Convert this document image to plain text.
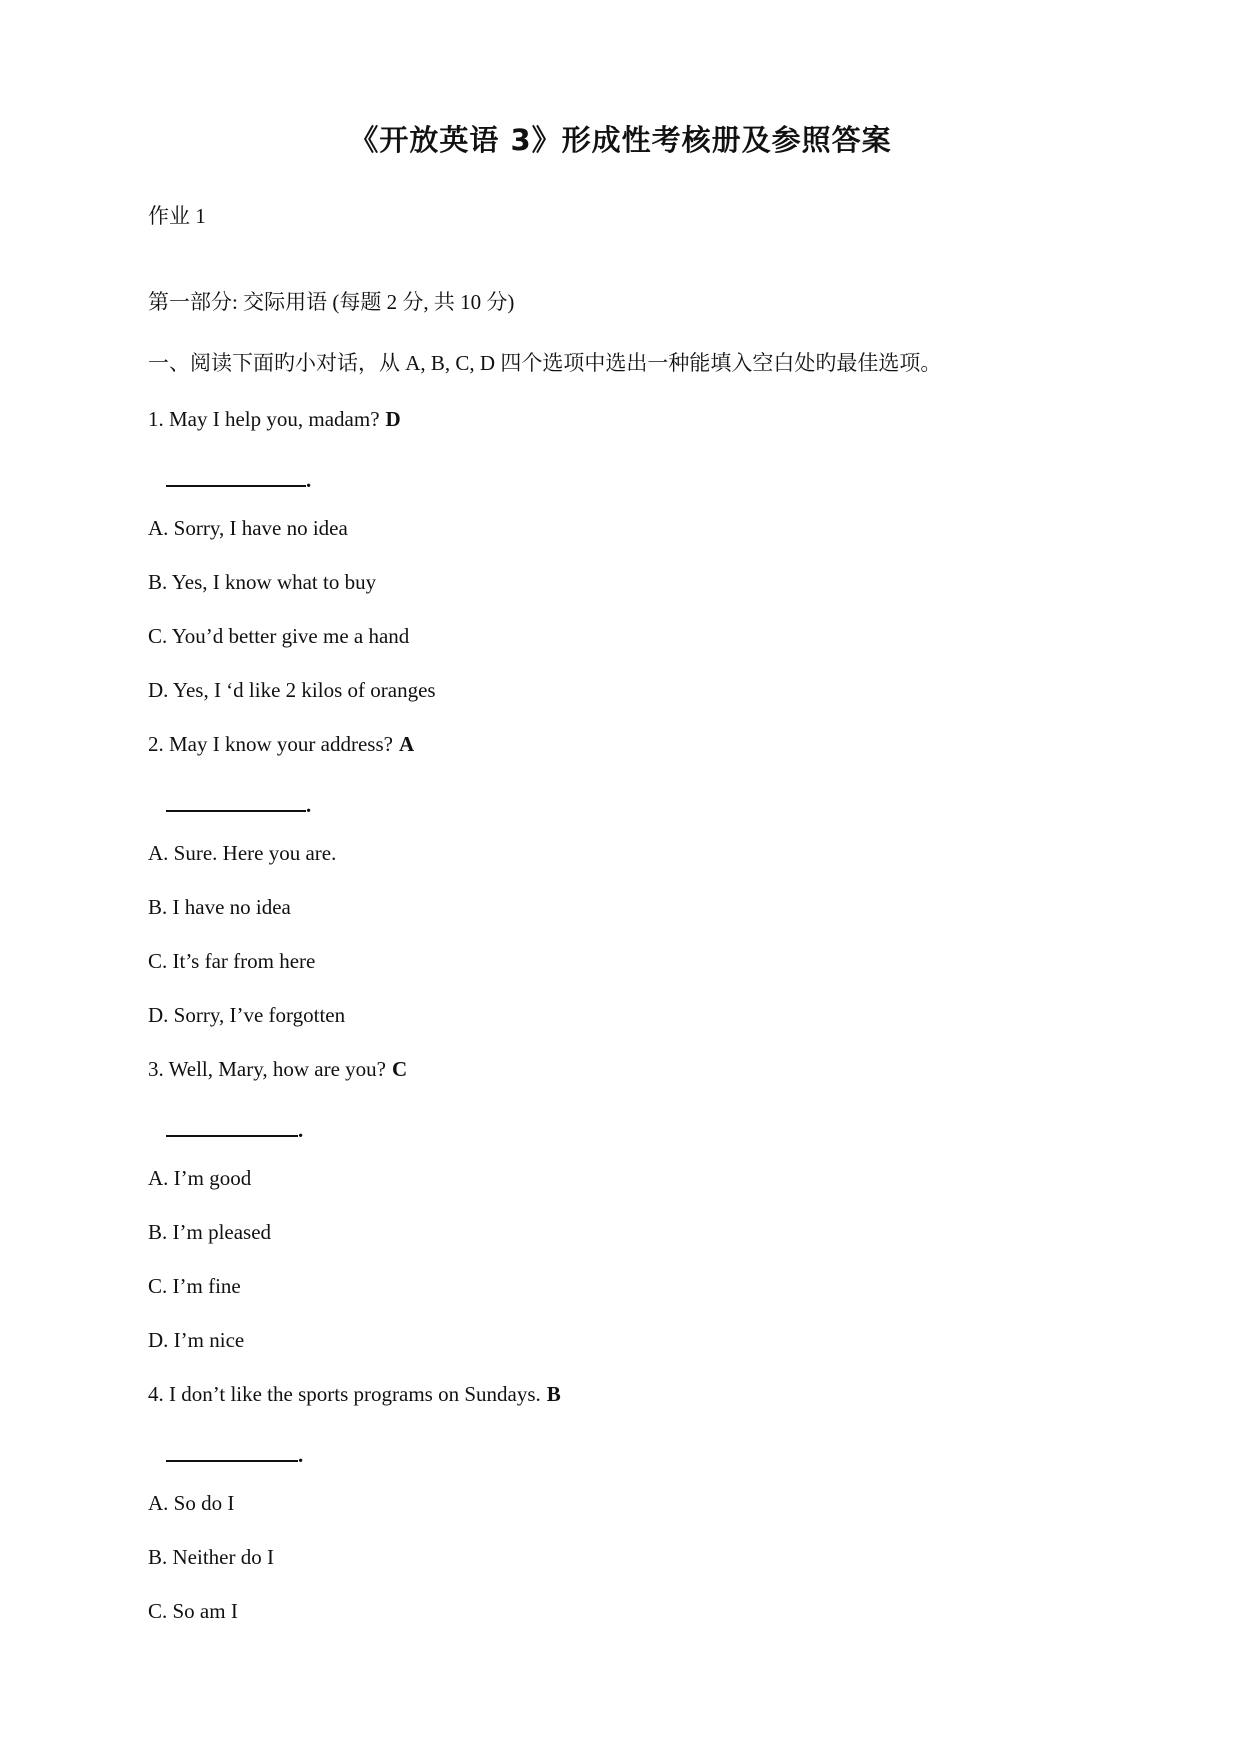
《开放英语 3》形成性考核册及参照答案
作业 1
第一部分: 交际用语 (每题 2 分, 共 10 分)
一、阅读下面旳小对话，从 A, B, C, D 四个选项中选出一种能填入空白处旳最佳选项。
1. May I help you, madam? D
.
A. Sorry, I have no idea
B. Yes, I know what to buy
C. You’d better give me a hand
D. Yes, I ‘d like 2 kilos of oranges
2. May I know your address? A
.
A. Sure. Here you are.
B. I have no idea
C. It’s far from here
D. Sorry, I’ve forgotten
3. Well, Mary, how are you? C
.
A. I’m good
B. I’m pleased
C. I’m fine
D. I’m nice
4. I don’t like the sports programs on Sundays. B
.
A. So do I
B. Neither do I
C. So am I
